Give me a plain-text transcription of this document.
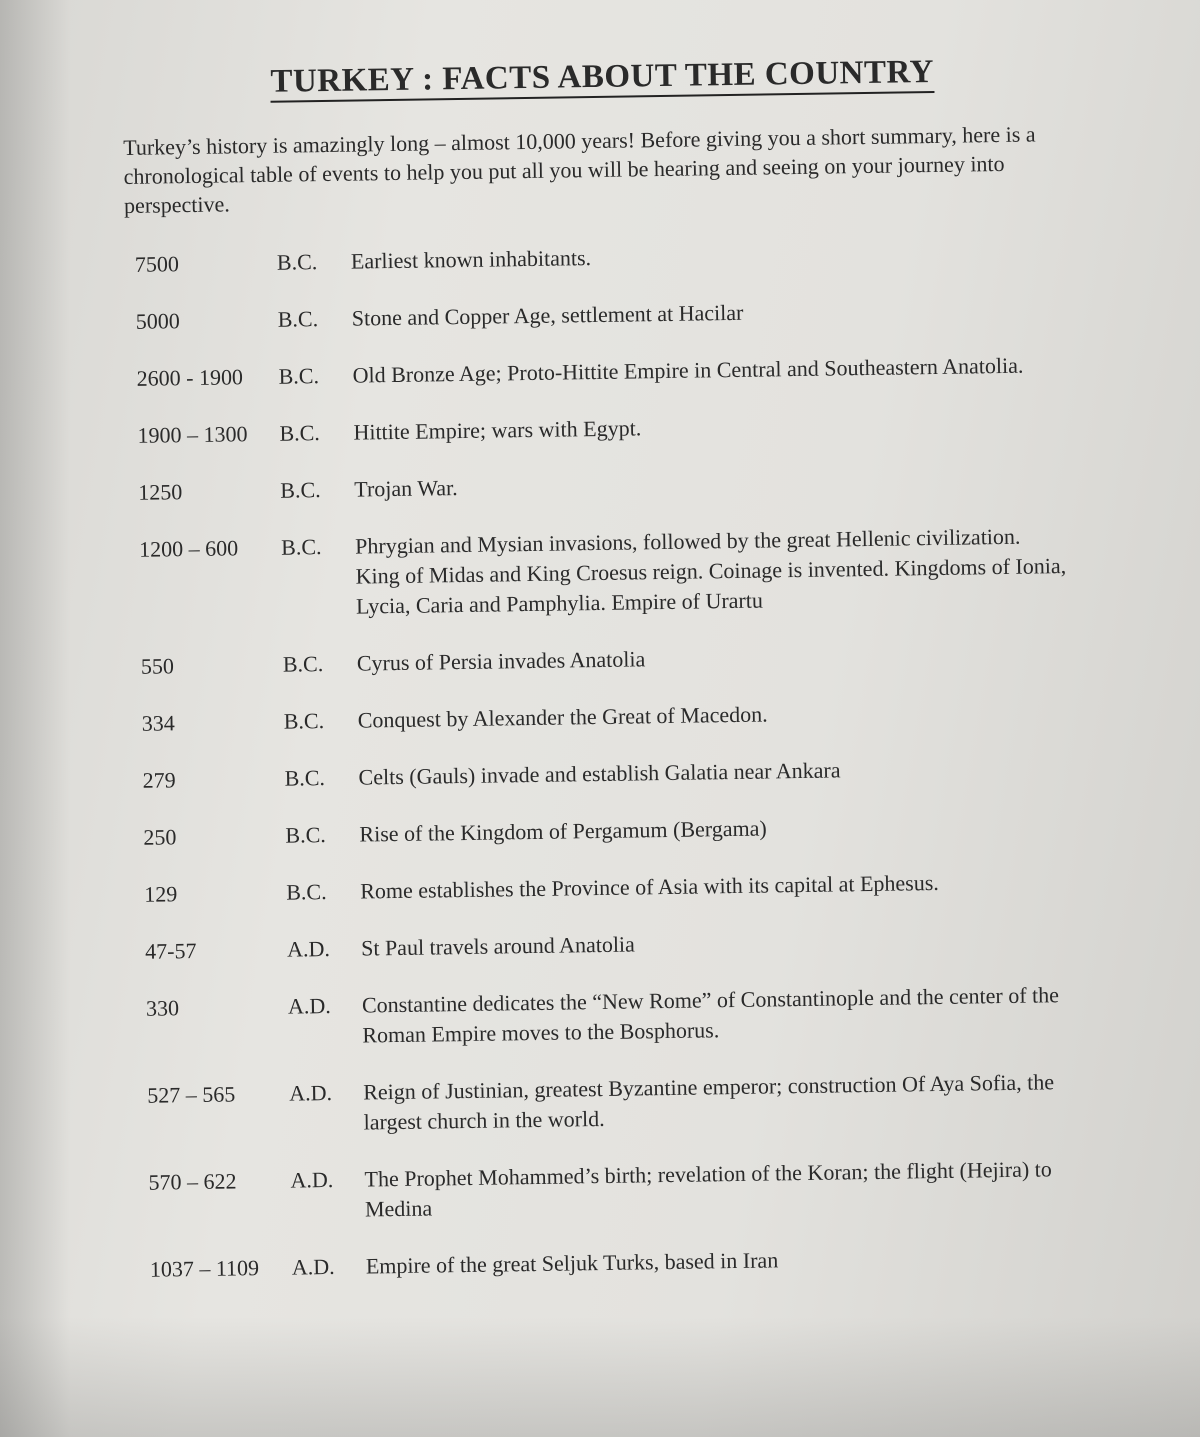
TURKEY : FACTS ABOUT THE COUNTRY

Turkey’s history is amazingly long – almost 10,000 years! Before giving you a short summary, here is a chronological table of events to help you put all you will be hearing and seeing on your journey into perspective.

7500	B.C.	Earliest known inhabitants.
5000	B.C.	Stone and Copper Age, settlement at Hacilar
2600 - 1900	B.C.	Old Bronze Age; Proto-Hittite Empire in Central and Southeastern Anatolia.
1900 – 1300	B.C.	Hittite Empire; wars with Egypt.
1250	B.C.	Trojan War.
1200 – 600	B.C.	Phrygian and Mysian invasions, followed by the great Hellenic civilization. King of Midas and King Croesus reign. Coinage is invented. Kingdoms of Ionia, Lycia, Caria and Pamphylia. Empire of Urartu
550	B.C.	Cyrus of Persia invades Anatolia
334	B.C.	Conquest by Alexander the Great of Macedon.
279	B.C.	Celts (Gauls) invade and establish Galatia near Ankara
250	B.C.	Rise of the Kingdom of Pergamum (Bergama)
129	B.C.	Rome establishes the Province of Asia with its capital at Ephesus.
47-57	A.D.	St Paul travels around Anatolia
330	A.D.	Constantine dedicates the “New Rome” of Constantinople and the center of the Roman Empire moves to the Bosphorus.
527 – 565	A.D.	Reign of Justinian, greatest Byzantine emperor; construction Of Aya Sofia, the largest church in the world.
570 – 622	A.D.	The Prophet Mohammed’s birth; revelation of the Koran; the flight (Hejira) to Medina
1037 – 1109	A.D.	Empire of the great Seljuk Turks, based in Iran
